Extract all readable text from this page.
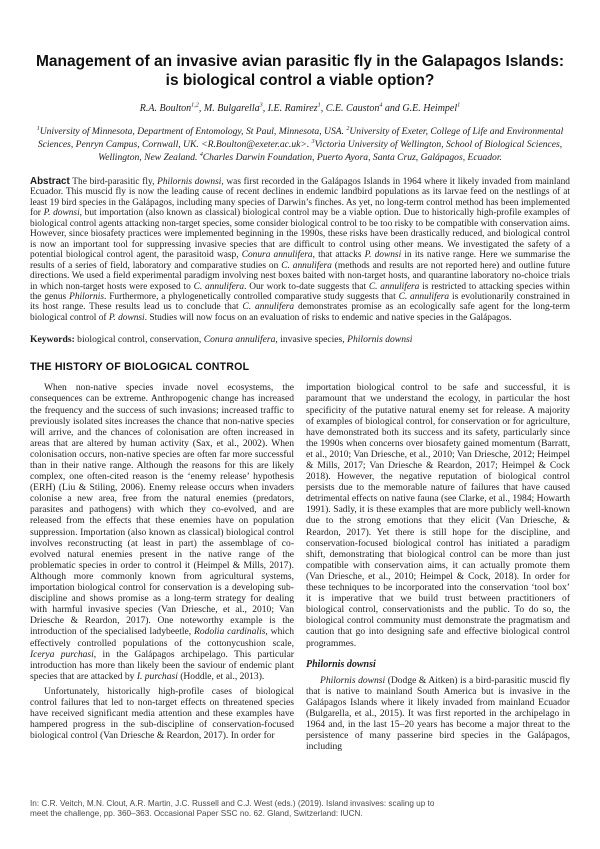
Management of an invasive avian parasitic fly in the Galapagos Islands:
is biological control a viable option?
R.A. Boulton$^{1,2}$, M. Bulgarella$^3$, I.E. Ramirez$^1$, C.E. Causton$^4$ and G.E. Heimpel$^1$
$^1$University of Minnesota, Department of Entomology, St Paul, Minnesota, USA. $^2$University of Exeter, College of Life and Environmental Sciences, Penryn Campus, Cornwall, UK. <R.Boulton@exeter.ac.uk>. $^3$Victoria University of Wellington, School of Biological Sciences, Wellington, New Zealand. $^4$Charles Darwin Foundation, Puerto Ayora, Santa Cruz, Galápagos, Ecuador.

Abstract The bird-parasitic fly, Philornis downsi, was first recorded in the Galápagos Islands in 1964 where it likely invaded from mainland Ecuador. This muscid fly is now the leading cause of recent declines in endemic landbird populations as its larvae feed on the nestlings of at least 19 bird species in the Galápagos, including many species of Darwin’s finches. As yet, no long-term control method has been implemented for P. downsi, but importation (also known as classical) biological control may be a viable option. Due to historically high-profile examples of biological control agents attacking non-target species, some consider biological control to be too risky to be compatible with conservation aims. However, since biosafety practices were implemented beginning in the 1990s, these risks have been drastically reduced, and biological control is now an important tool for suppressing invasive species that are difficult to control using other means. We investigated the safety of a potential biological control agent, the parasitoid wasp, Conura annulifera, that attacks P. downsi in its native range. Here we summarise the results of a series of field, laboratory and comparative studies on C. annulifera (methods and results are not reported here) and outline future directions. We used a field experimental paradigm involving nest boxes baited with non-target hosts, and quarantine laboratory no-choice trials in which non-target hosts were exposed to C. annulifera. Our work to-date suggests that C. annulifera is restricted to attacking species within the genus Philornis. Furthermore, a phylogenetically controlled comparative study suggests that C. annulifera is evolutionarily constrained in its host range. These results lead us to conclude that C. annulifera demonstrates promise as an ecologically safe agent for the long-term biological control of P. downsi. Studies will now focus on an evaluation of risks to endemic and native species in the Galápagos.

Keywords: biological control, conservation, Conura annulifera, invasive species, Philornis downsi

THE HISTORY OF BIOLOGICAL CONTROL

When non-native species invade novel ecosystems, the consequences can be extreme. Anthropogenic change has increased the frequency and the success of such invasions; increased traffic to previously isolated sites increases the chance that non-native species will arrive, and the chances of colonisation are often increased in areas that are altered by human activity (Sax, et al., 2002). When colonisation occurs, non-native species are often far more successful than in their native range. Although the reasons for this are likely complex, one often-cited reason is the ‘enemy release’ hypothesis (ERH) (Liu & Stiling, 2006). Enemy release occurs when invaders colonise a new area, free from the natural enemies (predators, parasites and pathogens) with which they co-evolved, and are released from the effects that these enemies have on population suppression. Importation (also known as classical) biological control involves reconstructing (at least in part) the assemblage of co-evolved natural enemies present in the native range of the problematic species in order to control it (Heimpel & Mills, 2017). Although more commonly known from agricultural systems, importation biological control for conservation is a developing sub-discipline and shows promise as a long-term strategy for dealing with harmful invasive species (Van Driesche, et al., 2010; Van Driesche & Reardon, 2017). One noteworthy example is the introduction of the specialised ladybeetle, Rodolia cardinalis, which effectively controlled populations of the cottonycushion scale, Icerya purchasi, in the Galápagos archipelago. This particular introduction has more than likely been the saviour of endemic plant species that are attacked by I. purchasi (Hoddle, et al., 2013).

Unfortunately, historically high-profile cases of biological control failures that led to non-target effects on threatened species have received significant media attention and these examples have hampered progress in the sub-discipline of conservation-focused biological control (Van Driesche & Reardon, 2017). In order for

importation biological control to be safe and successful, it is paramount that we understand the ecology, in particular the host specificity of the putative natural enemy set for release. A majority of examples of biological control, for conservation or for agriculture, have demonstrated both its success and its safety, particularly since the 1990s when concerns over biosafety gained momentum (Barratt, et al., 2010; Van Driesche, et al., 2010; Van Driesche, 2012; Heimpel & Mills, 2017; Van Driesche & Reardon, 2017; Heimpel & Cock 2018). However, the negative reputation of biological control persists due to the memorable nature of failures that have caused detrimental effects on native fauna (see Clarke, et al., 1984; Howarth 1991). Sadly, it is these examples that are more publicly well-known due to the strong emotions that they elicit (Van Driesche, & Reardon, 2017). Yet there is still hope for the discipline, and conservation-focused biological control has initiated a paradigm shift, demonstrating that biological control can be more than just compatible with conservation aims, it can actually promote them (Van Driesche, et al., 2010; Heimpel & Cock, 2018). In order for these techniques to be incorporated into the conservation ‘tool box’ it is imperative that we build trust between practitioners of biological control, conservationists and the public. To do so, the biological control community must demonstrate the pragmatism and caution that go into designing safe and effective biological control programmes.

Philornis downsi

Philornis downsi (Dodge & Aitken) is a bird-parasitic muscid fly that is native to mainland South America but is invasive in the Galápagos Islands where it likely invaded from mainland Ecuador (Bulgarella, et al., 2015). It was first reported in the archipelago in 1964 and, in the last 15–20 years has become a major threat to the persistence of many passerine bird species in the Galápagos, including

In: C.R. Veitch, M.N. Clout, A.R. Martin, J.C. Russell and C.J. West (eds.) (2019). Island invasives: scaling up to meet the challenge, pp. 360–363. Occasional Paper SSC no. 62. Gland, Switzerland: IUCN.
